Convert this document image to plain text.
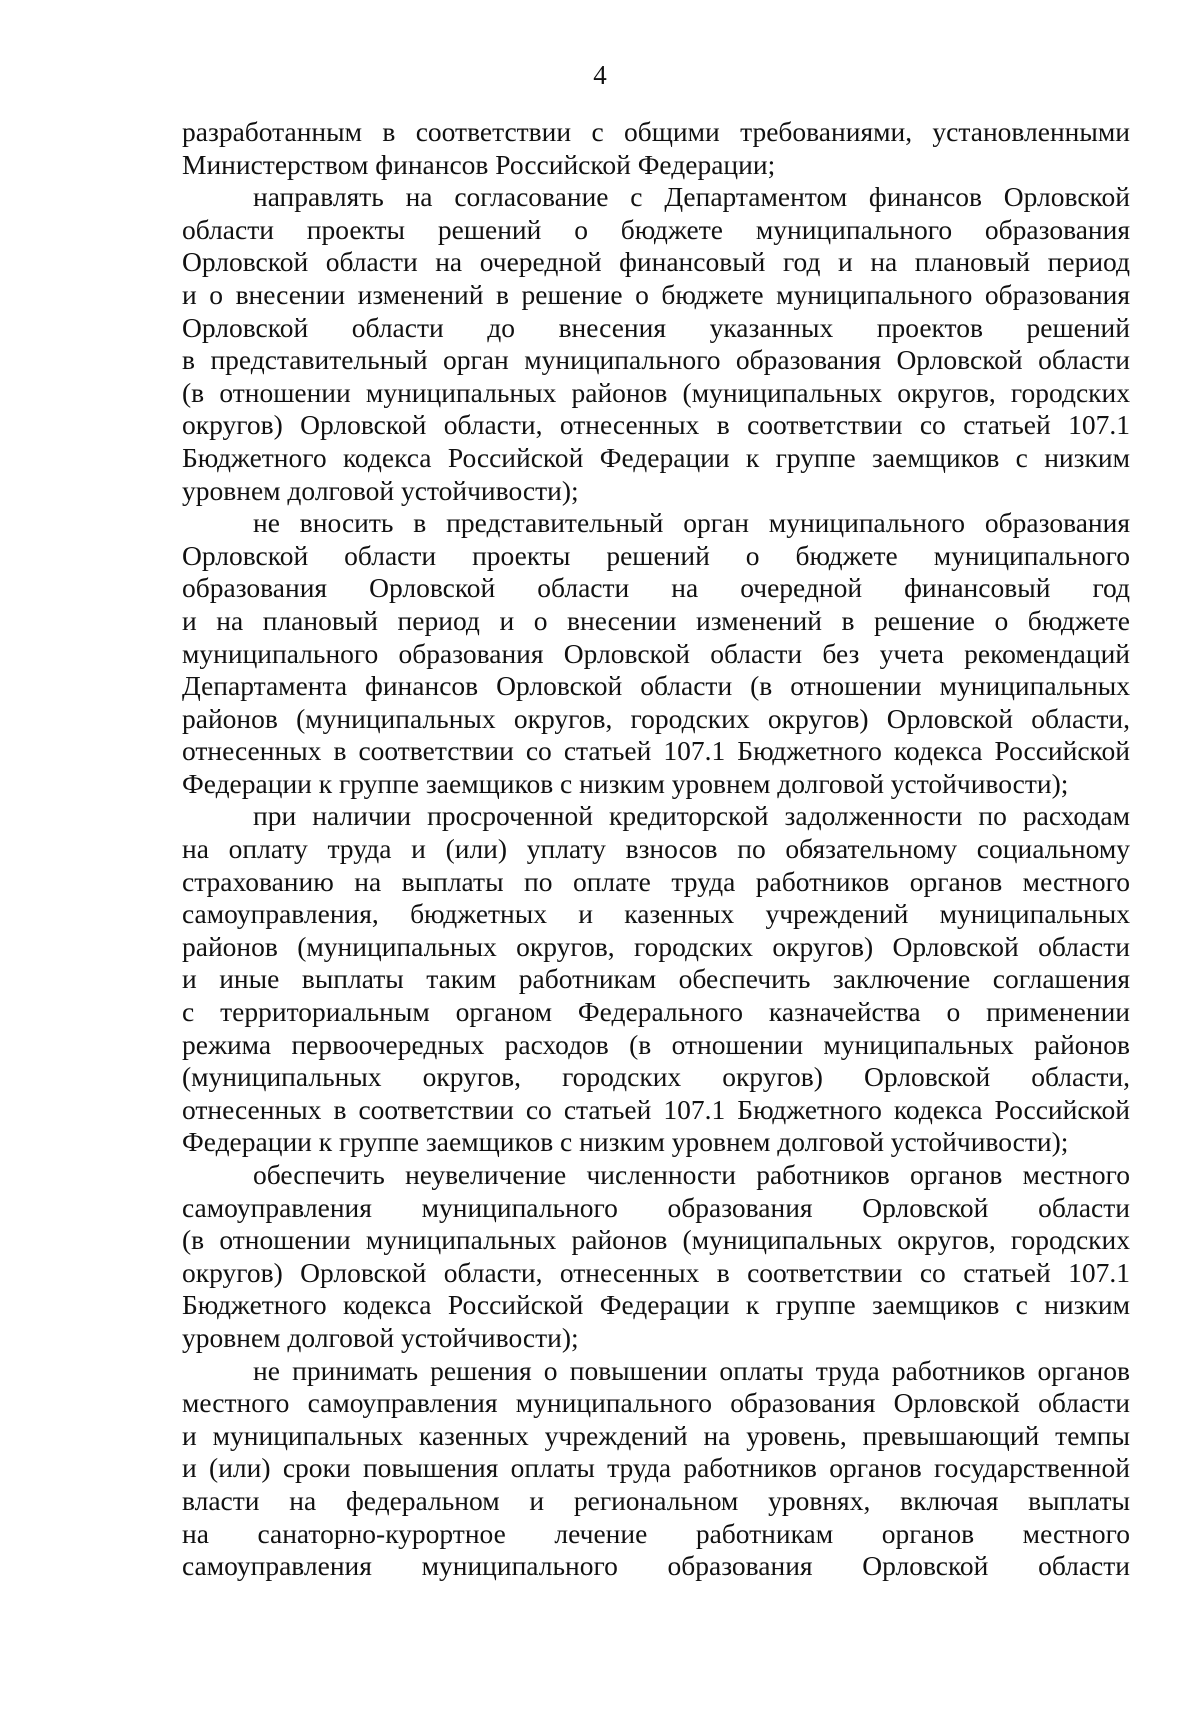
4
разработанным в соответствии с общими требованиями, установленными
Министерством финансов Российской Федерации;
направлять на согласование с Департаментом финансов Орловской
области проекты решений о бюджете муниципального образования
Орловской области на очередной финансовый год и на плановый период
и о внесении изменений в решение о бюджете муниципального образования
Орловской области до внесения указанных проектов решений
в представительный орган муниципального образования Орловской области
(в отношении муниципальных районов (муниципальных округов, городских
округов) Орловской области, отнесенных в соответствии со статьей 107.1
Бюджетного кодекса Российской Федерации к группе заемщиков с низким
уровнем долговой устойчивости);
не вносить в представительный орган муниципального образования
Орловской области проекты решений о бюджете муниципального
образования Орловской области на очередной финансовый год
и на плановый период и о внесении изменений в решение о бюджете
муниципального образования Орловской области без учета рекомендаций
Департамента финансов Орловской области (в отношении муниципальных
районов (муниципальных округов, городских округов) Орловской области,
отнесенных в соответствии со статьей 107.1 Бюджетного кодекса Российской
Федерации к группе заемщиков с низким уровнем долговой устойчивости);
при наличии просроченной кредиторской задолженности по расходам
на оплату труда и (или) уплату взносов по обязательному социальному
страхованию на выплаты по оплате труда работников органов местного
самоуправления, бюджетных и казенных учреждений муниципальных
районов (муниципальных округов, городских округов) Орловской области
и иные выплаты таким работникам обеспечить заключение соглашения
с территориальным органом Федерального казначейства о применении
режима первоочередных расходов (в отношении муниципальных районов
(муниципальных округов, городских округов) Орловской области,
отнесенных в соответствии со статьей 107.1 Бюджетного кодекса Российской
Федерации к группе заемщиков с низким уровнем долговой устойчивости);
обеспечить неувеличение численности работников органов местного
самоуправления муниципального образования Орловской области
(в отношении муниципальных районов (муниципальных округов, городских
округов) Орловской области, отнесенных в соответствии со статьей 107.1
Бюджетного кодекса Российской Федерации к группе заемщиков с низким
уровнем долговой устойчивости);
не принимать решения о повышении оплаты труда работников органов
местного самоуправления муниципального образования Орловской области
и муниципальных казенных учреждений на уровень, превышающий темпы
и (или) сроки повышения оплаты труда работников органов государственной
власти на федеральном и региональном уровнях, включая выплаты
на санаторно-курортное лечение работникам органов местного
самоуправления муниципального образования Орловской области
